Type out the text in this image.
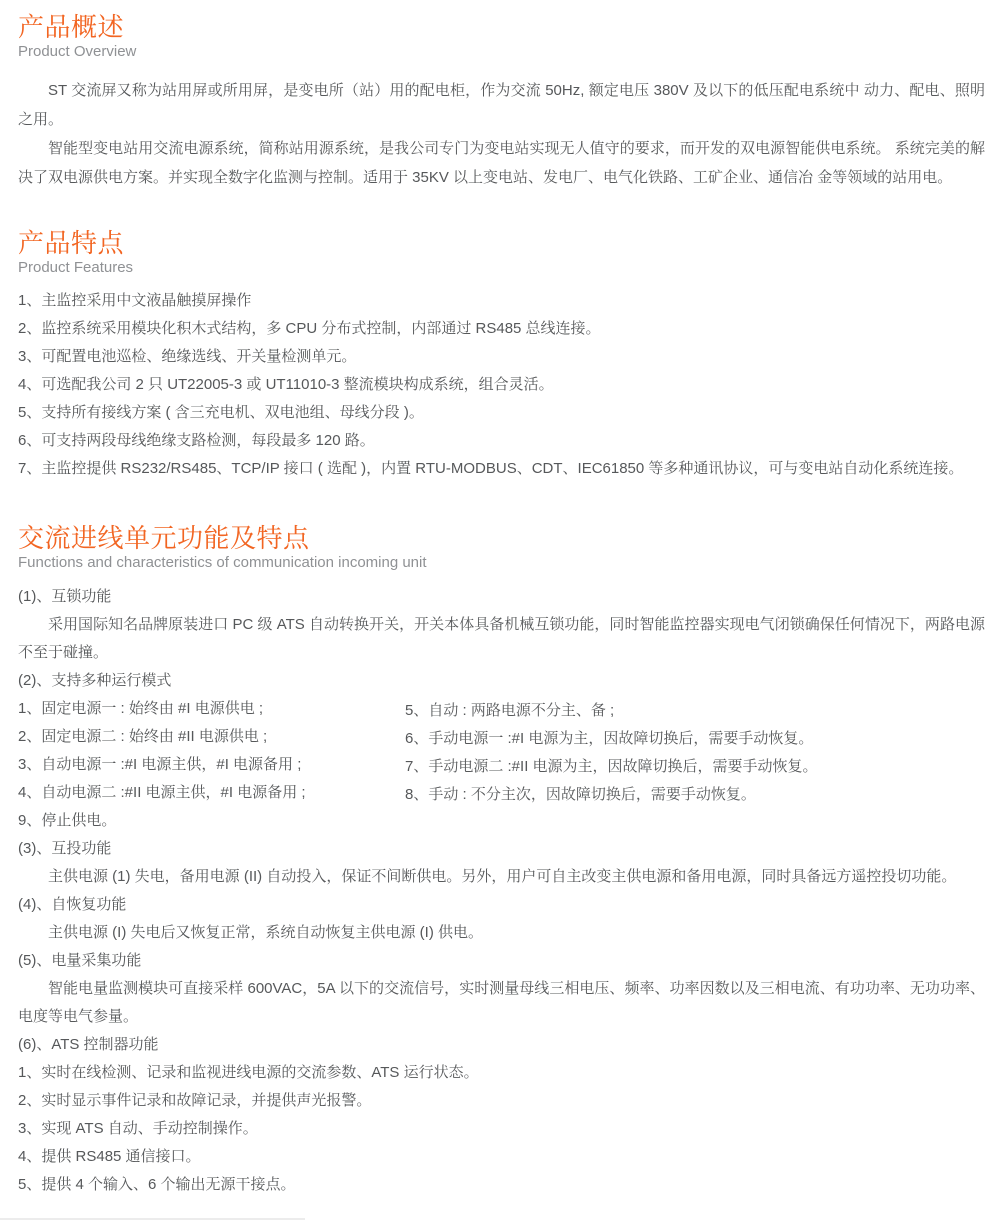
产品概述
Product Overview

ST 交流屏又称为站用屏或所用屏，是变电所（站）用的配电柜，作为交流 50Hz, 额定电压 380V 及以下的低压配电系统中 动力、配电、照明之用。

智能型变电站用交流电源系统，简称站用源系统，是我公司专门为变电站实现无人值守的要求，而开发的双电源智能供电系统。 系统完美的解决了双电源供电方案。并实现全数字化监测与控制。适用于 35KV 以上变电站、发电厂、电气化铁路、工矿企业、通信冶 金等领域的站用电。

产品特点
Product Features
1、主监控采用中文液晶触摸屏操作
2、监控系统采用模块化积木式结构，多 CPU 分布式控制，内部通过 RS485 总线连接。
3、可配置电池巡检、绝缘选线、开关量检测单元。
4、可选配我公司 2 只 UT22005-3 或 UT11010-3 整流模块构成系统，组合灵活。
5、支持所有接线方案 ( 含三充电机、双电池组、母线分段 )。
6、可支持两段母线绝缘支路检测，每段最多 120 路。
7、主监控提供 RS232/RS485、TCP/IP 接口 ( 选配 )，内置 RTU-MODBUS、CDT、IEC61850 等多种通讯协议，可与变电站自动化系统连接。
交流进线单元功能及特点
Functions and characteristics of communication incoming unit
(1)、互锁功能

采用国际知名品牌原装进口 PC 级 ATS 自动转换开关，开关本体具备机械互锁功能，同时智能监控器实现电气闭锁确保任何情况下，两路电源不至于碰撞。

(2)、支持多种运行模式
1、固定电源一 : 始终由 #I 电源供电 ;
2、固定电源二 : 始终由 #II 电源供电 ;
3、自动电源一 :#I 电源主供，#I 电源备用 ;
4、自动电源二 :#II 电源主供，#I 电源备用 ;
5、自动 : 两路电源不分主、备 ;
6、手动电源一 :#I 电源为主，因故障切换后，需要手动恢复。
7、手动电源二 :#II 电源为主，因故障切换后，需要手动恢复。
8、手动 : 不分主次，因故障切换后，需要手动恢复。
9、停止供电。
(3)、互投功能

主供电源 (1) 失电，备用电源 (II) 自动投入，保证不间断供电。另外，用户可自主改变主供电源和备用电源，同时具备远方遥控投切功能。

(4)、自恢复功能

主供电源 (I) 失电后又恢复正常，系统自动恢复主供电源 (I) 供电。

(5)、电量采集功能

智能电量监测模块可直接采样 600VAC，5A 以下的交流信号，实时测量母线三相电压、频率、功率因数以及三相电流、有功功率、无功功率、电度等电气参量。

(6)、ATS 控制器功能
1、实时在线检测、记录和监视进线电源的交流参数、ATS 运行状态。
2、实时显示事件记录和故障记录，并提供声光报警。
3、实现 ATS 自动、手动控制操作。
4、提供 RS485 通信接口。
5、提供 4 个输入、6 个输出无源干接点。
